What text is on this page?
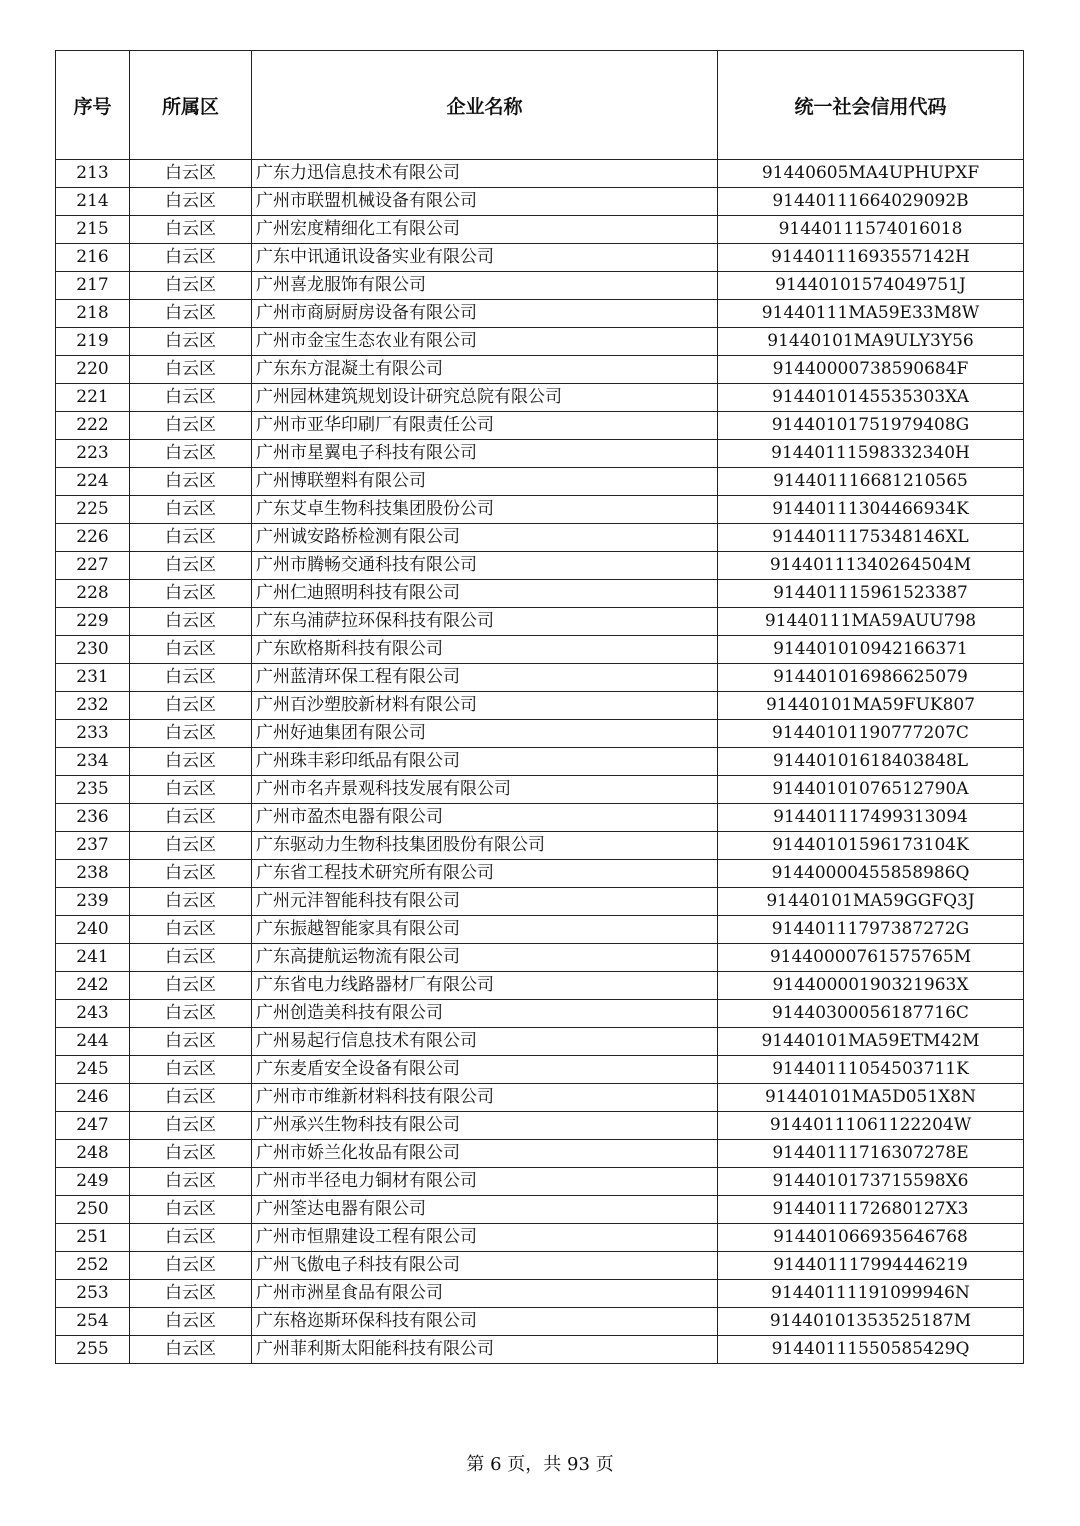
序号	所属区	企业名称	统一社会信用代码
213	白云区	广东力迅信息技术有限公司	91440605MA4UPHUPXF
214	白云区	广州市联盟机械设备有限公司	91440111664029092B
215	白云区	广州宏度精细化工有限公司	91440111574016018
216	白云区	广东中讯通讯设备实业有限公司	91440111693557142H
217	白云区	广州喜龙服饰有限公司	91440101574049751J
218	白云区	广州市商厨厨房设备有限公司	91440111MA59E33M8W
219	白云区	广州市金宝生态农业有限公司	91440101MA9ULY3Y56
220	白云区	广东东方混凝土有限公司	91440000738590684F
221	白云区	广州园林建筑规划设计研究总院有限公司	9144010145535303XA
222	白云区	广州市亚华印刷厂有限责任公司	91440101751979408G
223	白云区	广州市星翼电子科技有限公司	91440111598332340H
224	白云区	广州博联塑料有限公司	914401116681210565
225	白云区	广东艾卓生物科技集团股份公司	91440111304466934K
226	白云区	广州诚安路桥检测有限公司	9144011175348146XL
227	白云区	广州市腾畅交通科技有限公司	91440111340264504M
228	白云区	广州仁迪照明科技有限公司	914401115961523387
229	白云区	广东乌浦萨拉环保科技有限公司	91440111MA59AUU798
230	白云区	广东欧格斯科技有限公司	914401010942166371
231	白云区	广州蓝清环保工程有限公司	914401016986625079
232	白云区	广州百沙塑胶新材料有限公司	91440101MA59FUK807
233	白云区	广州好迪集团有限公司	91440101190777207C
234	白云区	广州珠丰彩印纸品有限公司	91440101618403848L
235	白云区	广州市名卉景观科技发展有限公司	91440101076512790A
236	白云区	广州市盈杰电器有限公司	914401117499313094
237	白云区	广东驱动力生物科技集团股份有限公司	91440101596173104K
238	白云区	广东省工程技术研究所有限公司	91440000455858986Q
239	白云区	广州元沣智能科技有限公司	91440101MA59GGFQ3J
240	白云区	广东振越智能家具有限公司	91440111797387272G
241	白云区	广东高捷航运物流有限公司	91440000761575765M
242	白云区	广东省电力线路器材厂有限公司	91440000190321963X
243	白云区	广州创造美科技有限公司	91440300056187716C
244	白云区	广州易起行信息技术有限公司	91440101MA59ETM42M
245	白云区	广东麦盾安全设备有限公司	91440111054503711K
246	白云区	广州市市维新材料科技有限公司	91440101MA5D051X8N
247	白云区	广州承兴生物科技有限公司	91440111061122204W
248	白云区	广州市娇兰化妆品有限公司	91440111716307278E
249	白云区	广州市半径电力铜材有限公司	9144010173715598X6
250	白云区	广州筌达电器有限公司	9144011172680127X3
251	白云区	广州市恒鼎建设工程有限公司	914401066935646768
252	白云区	广州飞傲电子科技有限公司	914401117994446219
253	白云区	广州市洲星食品有限公司	91440111191099946N
254	白云区	广东格迩斯环保科技有限公司	91440101353525187M
255	白云区	广州菲利斯太阳能科技有限公司	91440111550585429Q
第 6 页，共 93 页
